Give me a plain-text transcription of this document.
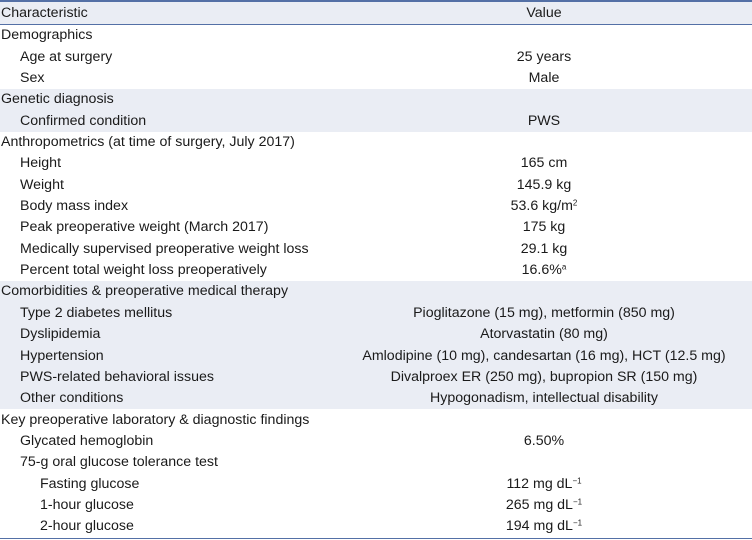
Characteristic	Value
Demographics	
Age at surgery	25 years
Sex	Male
Genetic diagnosis	
Confirmed condition	PWS
Anthropometrics (at time of surgery, July 2017)	
Height	165 cm
Weight	145.9 kg
Body mass index	53.6 $kg/m^2$
Peak preoperative weight (March 2017)	175 kg
Medically supervised preoperative weight loss	29.1 kg
Percent total weight loss preoperatively	16.6%$^a$
Comorbidities & preoperative medical therapy	
Type 2 diabetes mellitus	Pioglitazone (15 mg), metformin (850 mg)
Dyslipidemia	Atorvastatin (80 mg)
Hypertension	Amlodipine (10 mg), candesartan (16 mg), HCT (12.5 mg)
PWS-related behavioral issues	Divalproex ER (250 mg), bupropion SR (150 mg)
Other conditions	Hypogonadism, intellectual disability
Key preoperative laboratory & diagnostic findings	
Glycated hemoglobin	6.50%
75-g oral glucose tolerance test	
Fasting glucose	112 mg $dL^{-1}$
1-hour glucose	265 mg $dL^{-1}$
2-hour glucose	194 mg $dL^{-1}$
